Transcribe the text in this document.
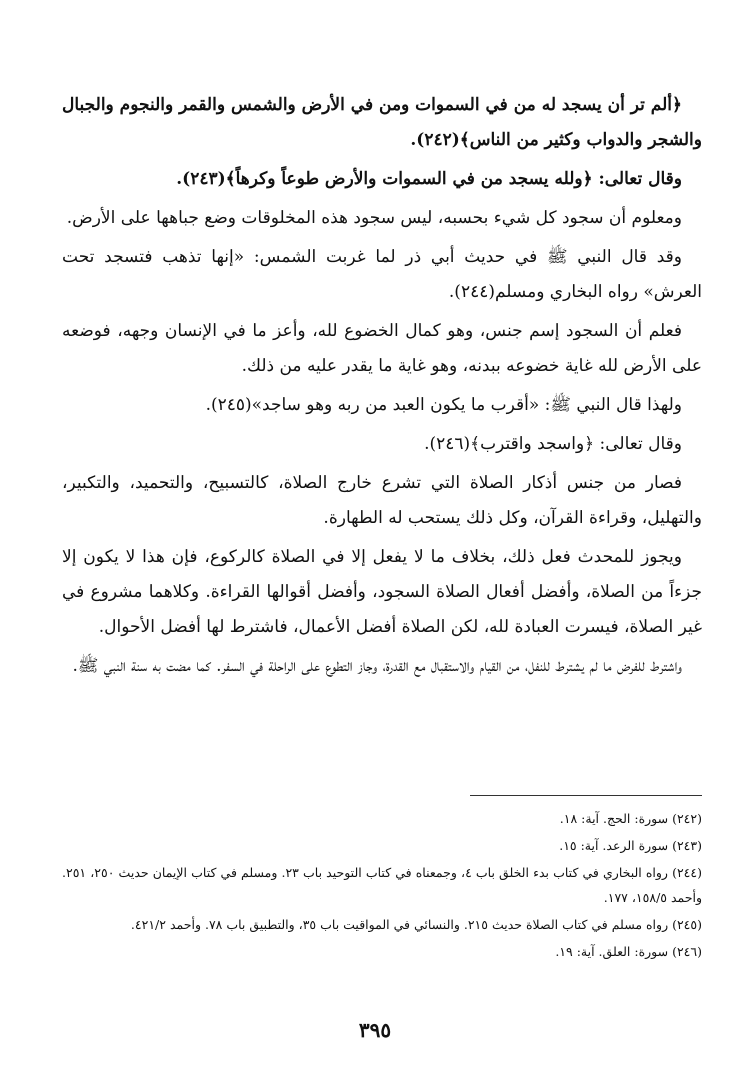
﴿ألم تر أن يسجد له من في السموات ومن في الأرض والشمس والقمر والنجوم والجبال والشجر والدواب وكثير من الناس﴾(٢٤٢).

وقال تعالى: ﴿ولله يسجد من في السموات والأرض طوعاً وكرهاً﴾(٢٤٣).

ومعلوم أن سجود كل شيء بحسبه، ليس سجود هذه المخلوقات وضع جباهها على الأرض.

وقد قال النبي ﷺ في حديث أبي ذر لما غربت الشمس: «إنها تذهب فتسجد تحت العرش» رواه البخاري ومسلم(٢٤٤).

فعلم أن السجود إسم جنس، وهو كمال الخضوع لله، وأعز ما في الإنسان وجهه، فوضعه على الأرض لله غاية خضوعه ببدنه، وهو غاية ما يقدر عليه من ذلك.

ولهذا قال النبي ﷺ: «أقرب ما يكون العبد من ربه وهو ساجد»(٢٤٥).

وقال تعالى: ﴿واسجد واقترب﴾(٢٤٦).

فصار من جنس أذكار الصلاة التي تشرع خارج الصلاة، كالتسبيح، والتحميد، والتكبير، والتهليل، وقراءة القرآن، وكل ذلك يستحب له الطهارة.

ويجوز للمحدث فعل ذلك، بخلاف ما لا يفعل إلا في الصلاة كالركوع، فإن هذا لا يكون إلا جزءاً من الصلاة، وأفضل أفعال الصلاة السجود، وأفضل أقوالها القراءة. وكلاهما مشروع في غير الصلاة، فيسرت العبادة لله، لكن الصلاة أفضل الأعمال، فاشترط لها أفضل الأحوال.

واشترط للفرض ما لم يشترط للنفل، من القيام والاستقبال مع القدرة، وجاز التطوع على الراحلة في السفر. كما مضت به سنة النبي ﷺ.

(٢٤٢) سورة: الحج. آية: ١٨.

(٢٤٣) سورة الرعد. آية: ١٥.

(٢٤٤) رواه البخاري في كتاب بدء الخلق باب ٤، وجمعناه في كتاب التوحيد باب ٢٣. ومسلم في كتاب الإيمان حديث ٢٥٠، ٢٥١. وأحمد ١٥٨/٥، ١٧٧.

(٢٤٥) رواه مسلم في كتاب الصلاة حديث ٢١٥. والنسائي في المواقيت باب ٣٥، والتطبيق باب ٧٨. وأحمد ٤٢١/٢.

(٢٤٦) سورة: العلق. آية: ١٩.

٣٩٥
